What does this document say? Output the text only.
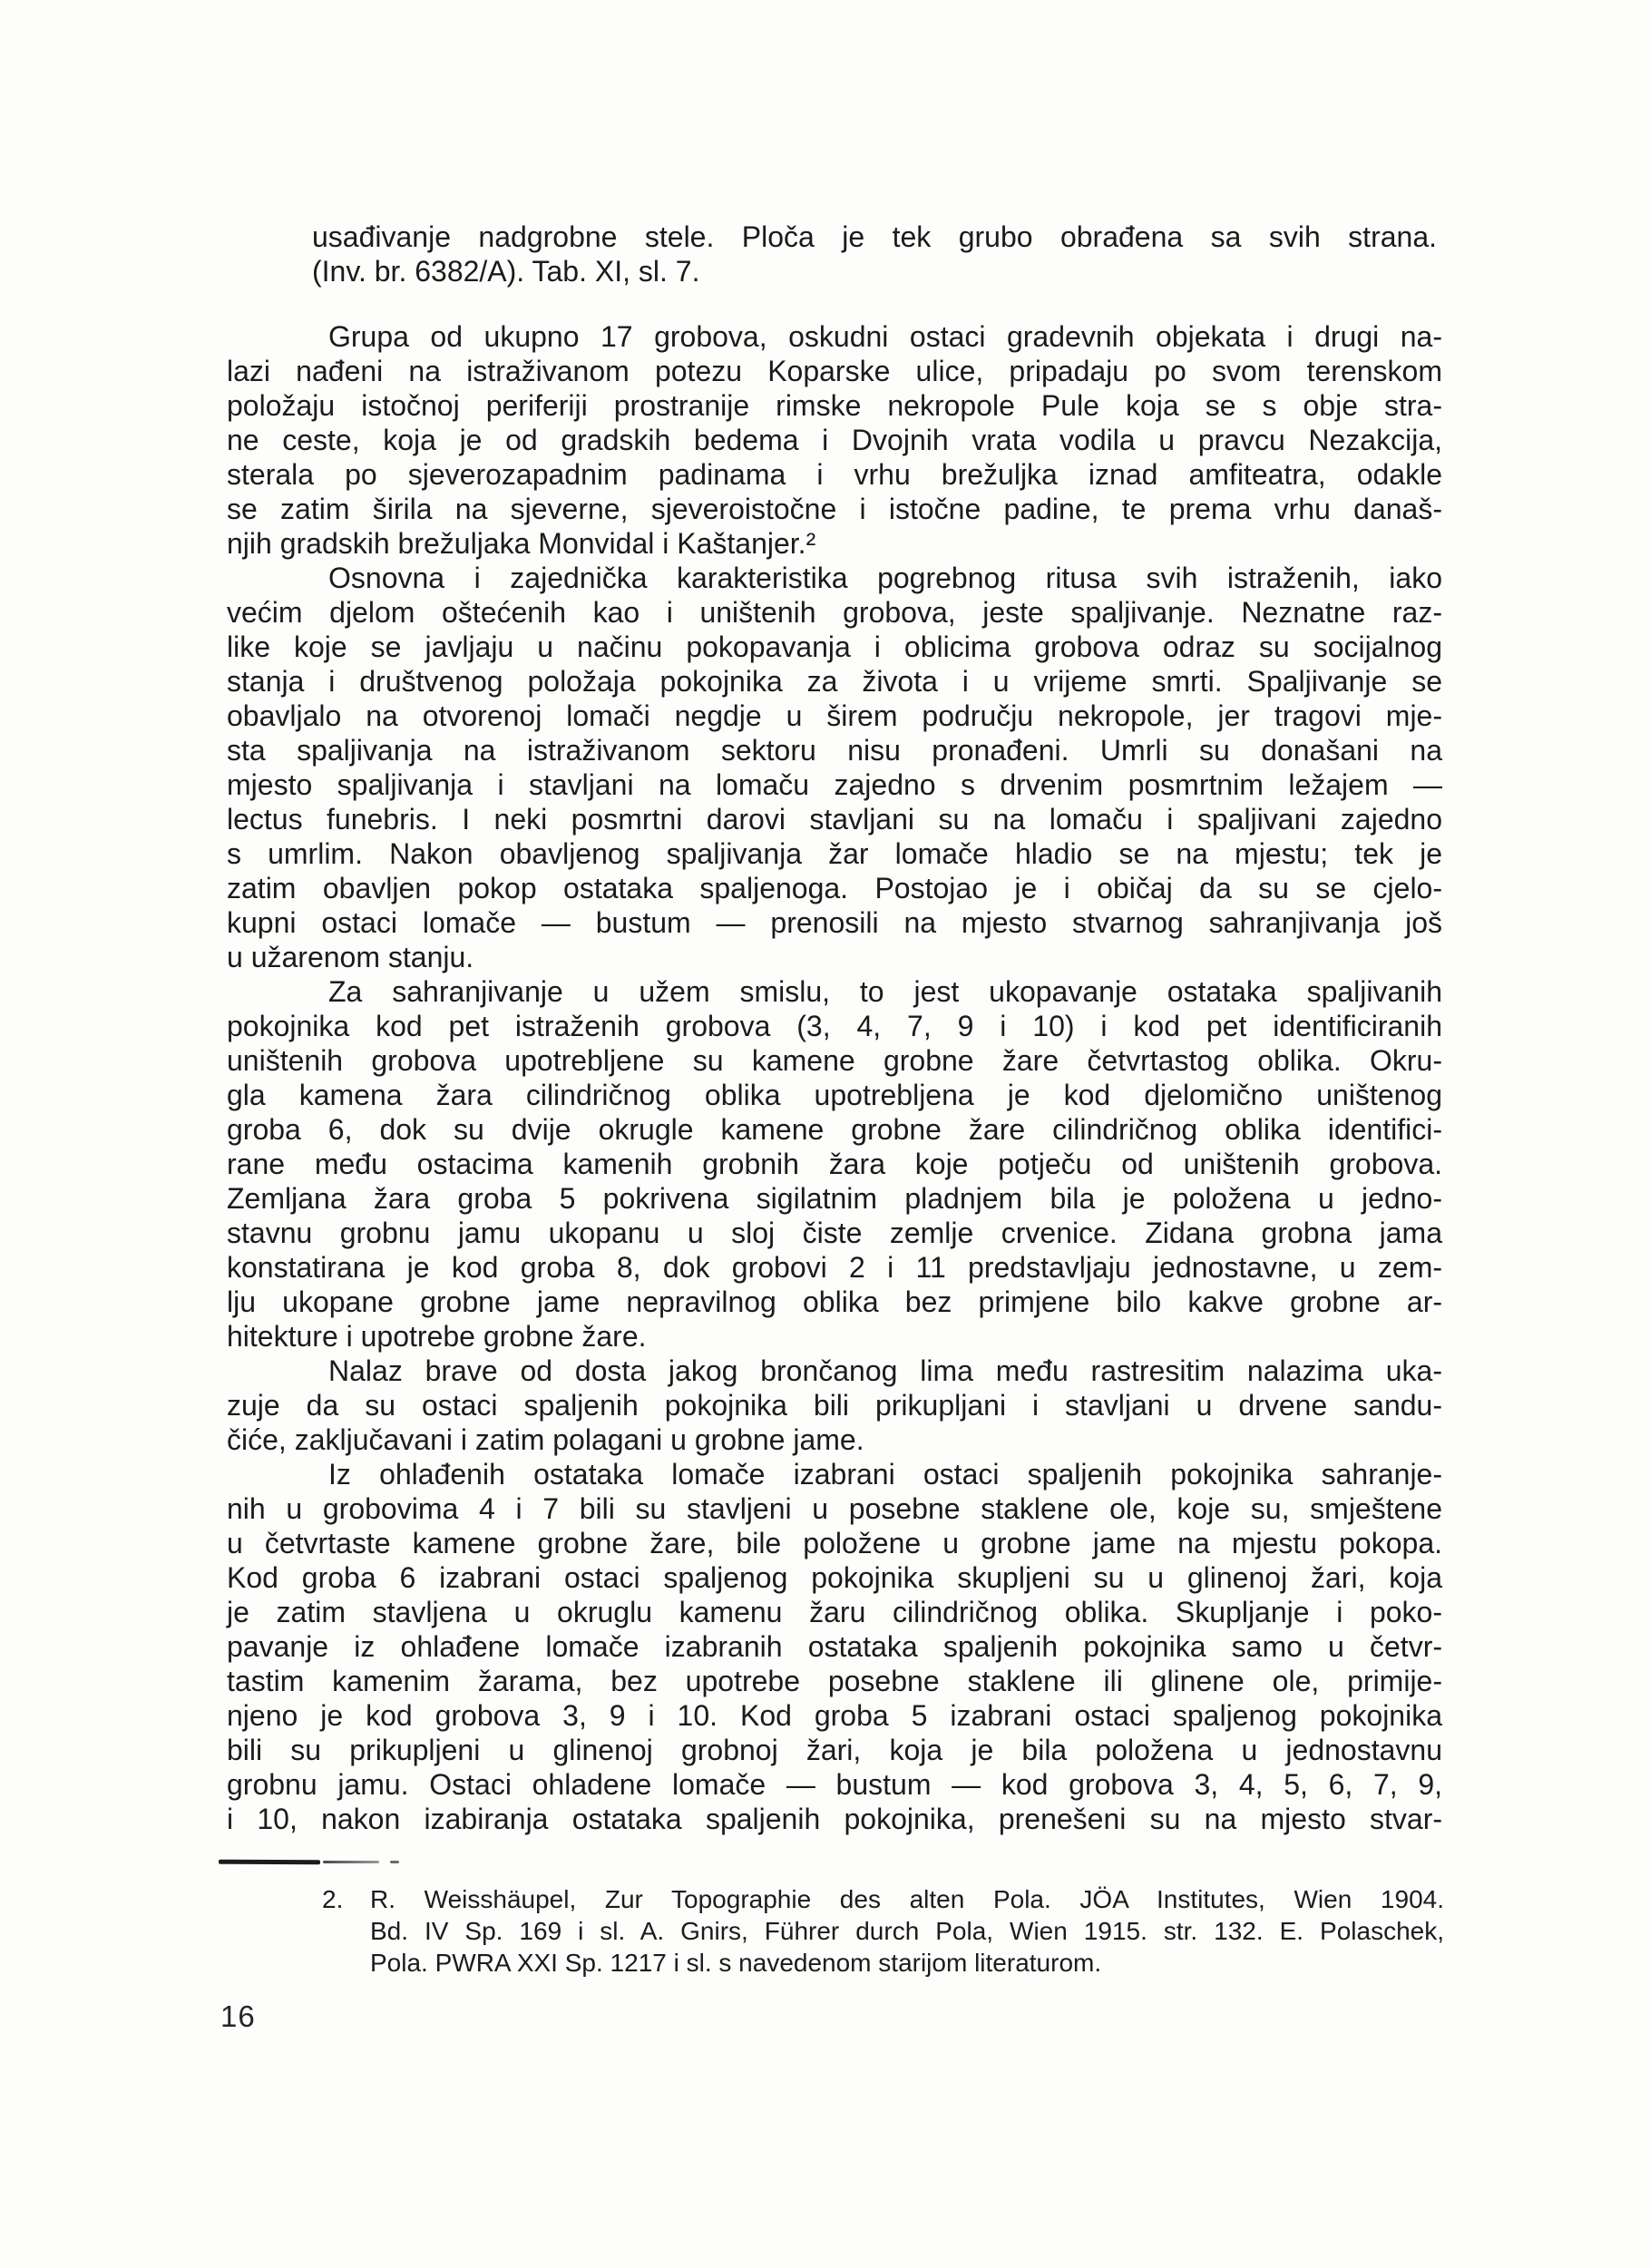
usađivanje nadgrobne stele. Ploča je tek grubo obrađena sa svih strana.
(Inv. br. 6382/A). Tab. XI, sl. 7.
Grupa od ukupno 17 grobova, oskudni ostaci gradevnih objekata i drugi na-
lazi nađeni na istraživanom potezu Koparske ulice, pripadaju po svom terenskom
položaju istočnoj periferiji prostranije rimske nekropole Pule koja se s obje stra-
ne ceste, koja je od gradskih bedema i Dvojnih vrata vodila u pravcu Nezakcija,
sterala po sjeverozapadnim padinama i vrhu brežuljka iznad amfiteatra, odakle
se zatim širila na sjeverne, sjeveroistočne i istočne padine, te prema vrhu današ-
njih gradskih brežuljaka Monvidal i Kaštanjer.²
Osnovna i zajednička karakteristika pogrebnog ritusa svih istraženih, iako
većim djelom oštećenih kao i uništenih grobova, jeste spaljivanje. Neznatne raz-
like koje se javljaju u načinu pokopavanja i oblicima grobova odraz su socijalnog
stanja i društvenog položaja pokojnika za života i u vrijeme smrti. Spaljivanje se
obavljalo na otvorenoj lomači negdje u širem području nekropole, jer tragovi mje-
sta spaljivanja na istraživanom sektoru nisu pronađeni. Umrli su donašani na
mjesto spaljivanja i stavljani na lomaču zajedno s drvenim posmrtnim ležajem —
lectus funebris. I neki posmrtni darovi stavljani su na lomaču i spaljivani zajedno
s umrlim. Nakon obavljenog spaljivanja žar lomače hladio se na mjestu; tek je
zatim obavljen pokop ostataka spaljenoga. Postojao je i običaj da su se cjelo-
kupni ostaci lomače — bustum — prenosili na mjesto stvarnog sahranjivanja još
u užarenom stanju.
Za sahranjivanje u užem smislu, to jest ukopavanje ostataka spaljivanih
pokojnika kod pet istraženih grobova (3, 4, 7, 9 i 10) i kod pet identificiranih
uništenih grobova upotrebljene su kamene grobne žare četvrtastog oblika. Okru-
gla kamena žara cilindričnog oblika upotrebljena je kod djelomično uništenog
groba 6, dok su dvije okrugle kamene grobne žare cilindričnog oblika identifici-
rane među ostacima kamenih grobnih žara koje potječu od uništenih grobova.
Zemljana žara groba 5 pokrivena sigilatnim pladnjem bila je položena u jedno-
stavnu grobnu jamu ukopanu u sloj čiste zemlje crvenice. Zidana grobna jama
konstatirana je kod groba 8, dok grobovi 2 i 11 predstavljaju jednostavne, u zem-
lju ukopane grobne jame nepravilnog oblika bez primjene bilo kakve grobne ar-
hitekture i upotrebe grobne žare.
Nalaz brave od dosta jakog brončanog lima među rastresitim nalazima uka-
zuje da su ostaci spaljenih pokojnika bili prikupljani i stavljani u drvene sandu-
čiće, zaključavani i zatim polagani u grobne jame.
Iz ohlađenih ostataka lomače izabrani ostaci spaljenih pokojnika sahranje-
nih u grobovima 4 i 7 bili su stavljeni u posebne staklene ole, koje su, smještene
u četvrtaste kamene grobne žare, bile položene u grobne jame na mjestu pokopa.
Kod groba 6 izabrani ostaci spaljenog pokojnika skupljeni su u glinenoj žari, koja
je zatim stavljena u okruglu kamenu žaru cilindričnog oblika. Skupljanje i poko-
pavanje iz ohlađene lomače izabranih ostataka spaljenih pokojnika samo u četvr-
tastim kamenim žarama, bez upotrebe posebne staklene ili glinene ole, primije-
njeno je kod grobova 3, 9 i 10. Kod groba 5 izabrani ostaci spaljenog pokojnika
bili su prikupljeni u glinenoj grobnoj žari, koja je bila položena u jednostavnu
grobnu jamu. Ostaci ohladene lomače — bustum — kod grobova 3, 4, 5, 6, 7, 9,
i 10, nakon izabiranja ostataka spaljenih pokojnika, prenešeni su na mjesto stvar-
2.	R. Weisshäupel, Zur Topographie des alten Pola. JÖA Institutes, Wien 1904.
Bd. IV Sp. 169 i sl. A. Gnirs, Führer durch Pola, Wien 1915. str. 132. E. Polaschek,
Pola. PWRA XXI Sp. 1217 i sl. s navedenom starijom literaturom.
16
